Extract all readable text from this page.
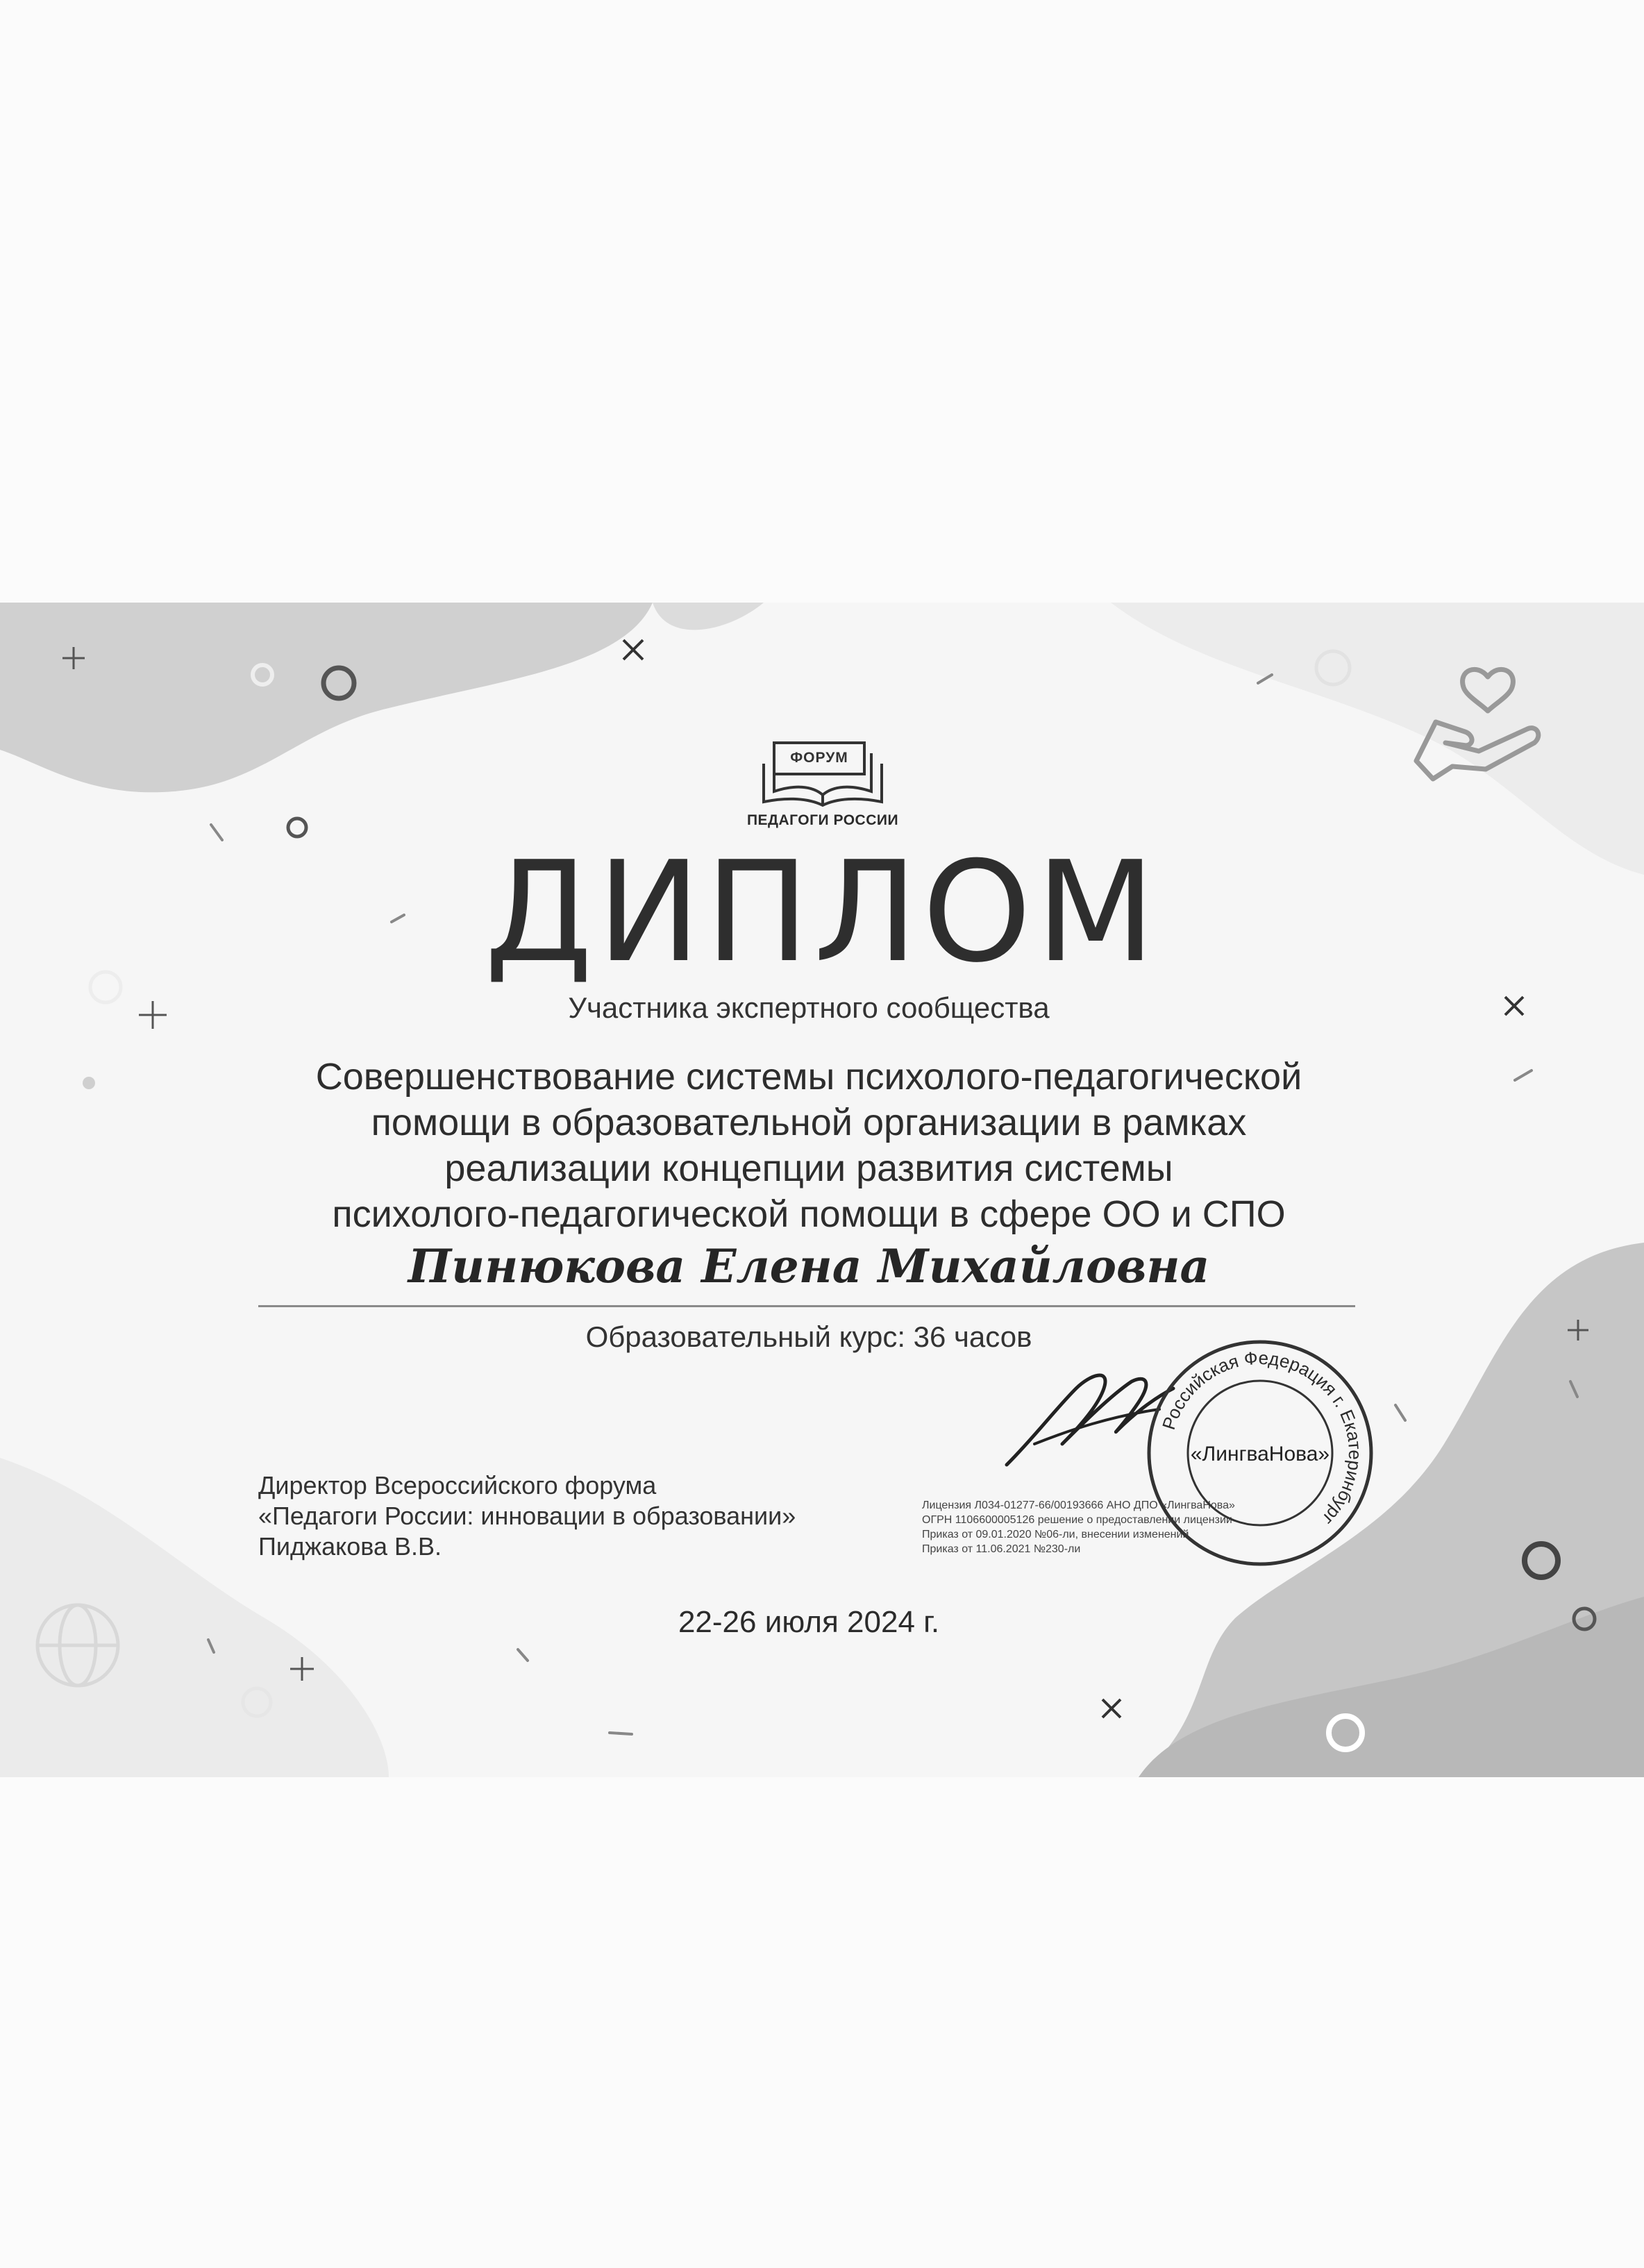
ФОРУМ
ПЕДАГОГИ РОССИИ
ДИПЛОМ
Участника экспертного сообщества
Совершенствование системы психолого-педагогической
помощи в образовательной организации в рамках
реализации концепции развития системы
психолого-педагогической помощи в сфере ОО и СПО
Пинюкова Елена Михайловна
Образовательный курс: 36 часов
Директор Всероссийского форума
«Педагоги России: инновации в образовании»
Пиджакова В.В.
Лицензия Л034-01277-66/00193666 АНО ДПО «ЛингваНова»
ОГРН 1106600005126 решение о предоставлении лицензии
Приказ от 09.01.2020 №06-ли, внесении изменений
Приказ от 11.06.2021 №230-ли
Российская Федерация г. Екатеринбург
«ЛингваНова»
22-26 июля 2024 г.
